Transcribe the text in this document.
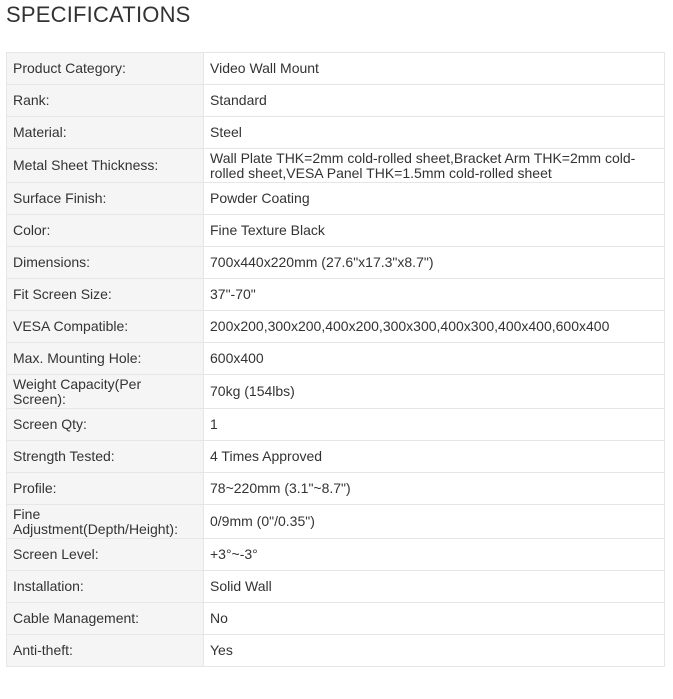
SPECIFICATIONS
Product Category:	Video Wall Mount
Rank:	Standard
Material:	Steel
Metal Sheet Thickness:	Wall Plate THK=2mm cold-rolled sheet,Bracket Arm THK=2mm cold-rolled sheet,VESA Panel THK=1.5mm cold-rolled sheet
Surface Finish:	Powder Coating
Color:	Fine Texture Black
Dimensions:	700x440x220mm (27.6"x17.3"x8.7")
Fit Screen Size:	37"-70"
VESA Compatible:	200x200,300x200,400x200,300x300,400x300,400x400,600x400
Max. Mounting Hole:	600x400
Weight Capacity(Per Screen):	70kg (154lbs)
Screen Qty:	1
Strength Tested:	4 Times Approved
Profile:	78~220mm (3.1"~8.7")
Fine Adjustment(Depth/Height):	0/9mm (0"/0.35")
Screen Level:	+3°~-3°
Installation:	Solid Wall
Cable Management:	No
Anti-theft:	Yes
